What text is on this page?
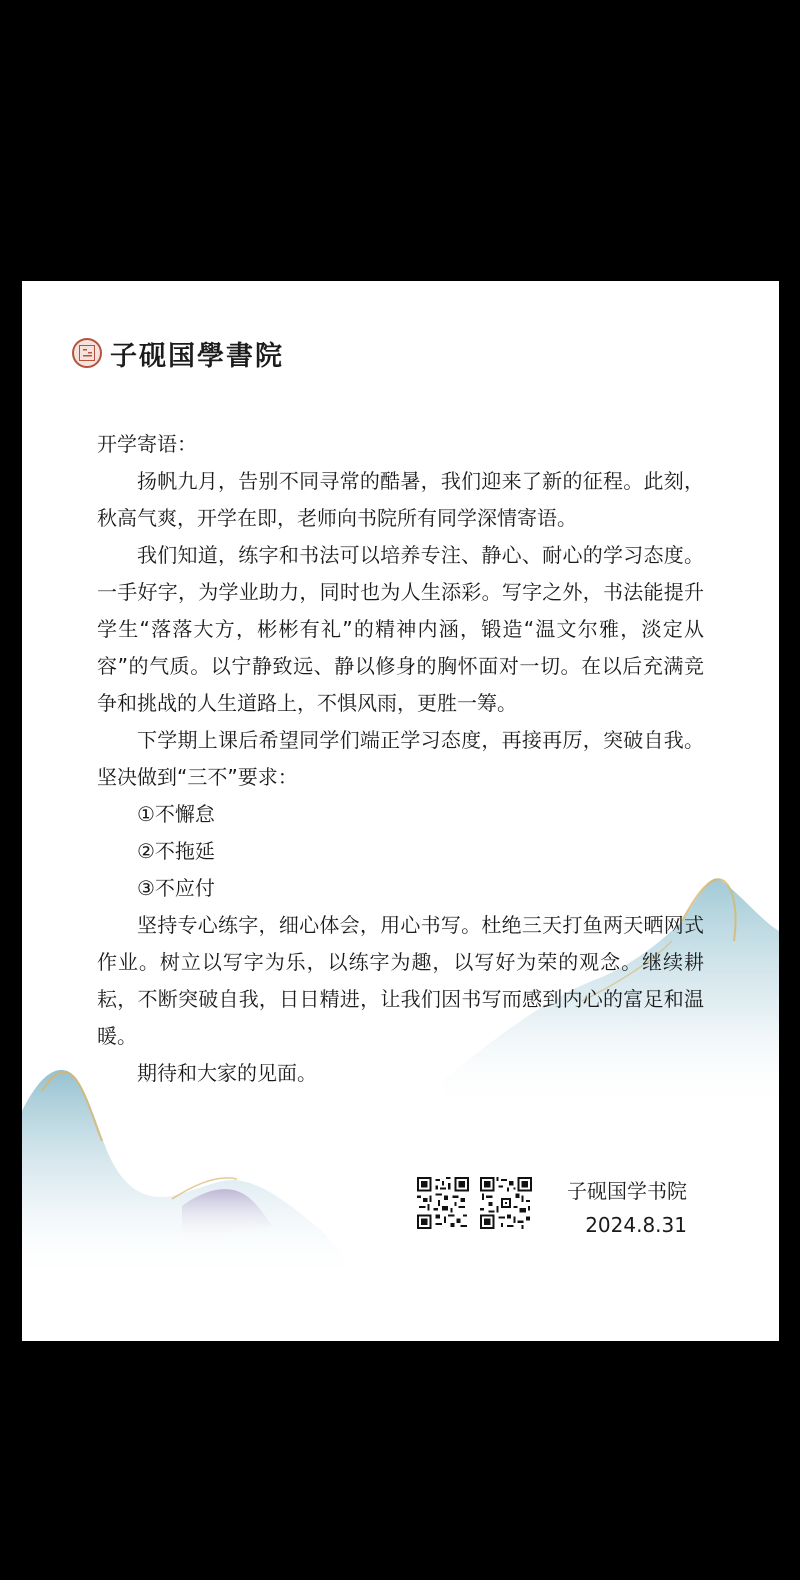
子砚国學書院

开学寄语：

扬帆九月，告别不同寻常的酷暑，我们迎来了新的征程。此刻，秋高气爽，开学在即，老师向书院所有同学深情寄语。

我们知道，练字和书法可以培养专注、静心、耐心的学习态度。一手好字，为学业助力，同时也为人生添彩。写字之外，书法能提升学生“落落大方，彬彬有礼”的精神内涵，锻造“温文尔雅，淡定从容”的气质。以宁静致远、静以修身的胸怀面对一切。在以后充满竞争和挑战的人生道路上，不惧风雨，更胜一筹。

下学期上课后希望同学们端正学习态度，再接再厉，突破自我。坚决做到“三不”要求：

①不懈怠

②不拖延

③不应付

坚持专心练字，细心体会，用心书写。杜绝三天打鱼两天晒网式作业。树立以写字为乐，以练字为趣，以写好为荣的观念。继续耕耘，不断突破自我，日日精进，让我们因书写而感到内心的富足和温暖。

期待和大家的见面。

子砚国学书院
2024.8.31
